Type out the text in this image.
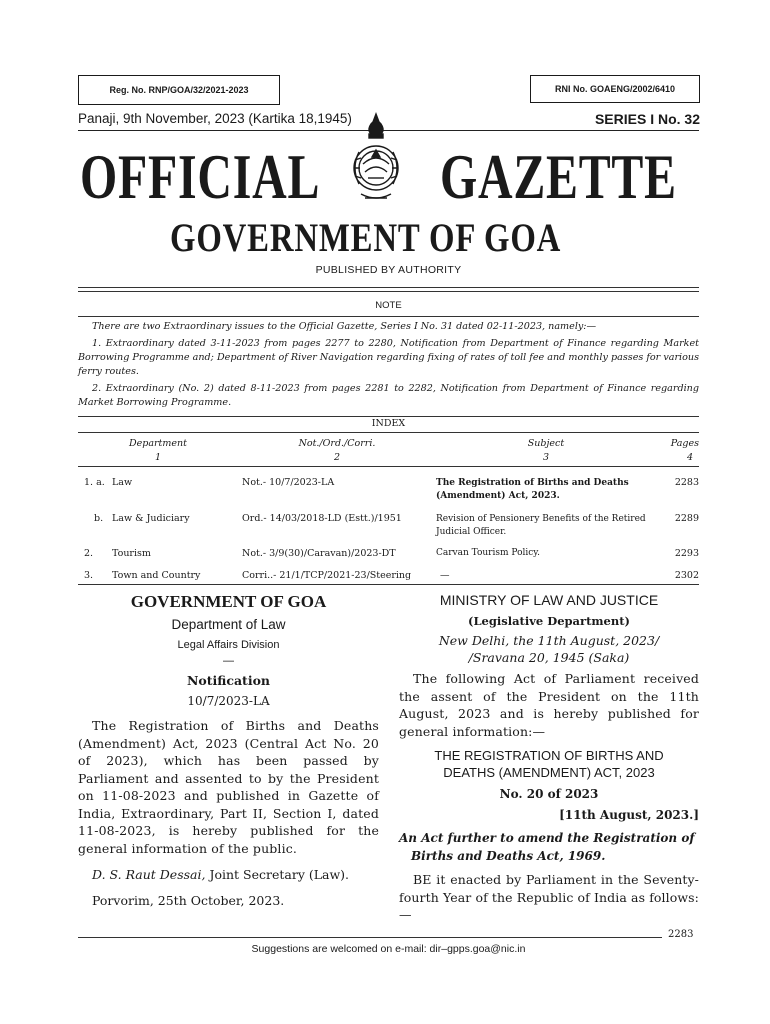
Reg. No. RNP/GOA/32/2021-2023	RNI No. GOAENG/2002/6410
Panaji, 9th November, 2023 (Kartika 18,1945)	SERIES I No. 32
OFFICIAL GAZETTE
GOVERNMENT OF GOA
PUBLISHED BY AUTHORITY
NOTE

There are two Extraordinary issues to the Official Gazette, Series I No. 31 dated 02-11-2023, namely:—

1. Extraordinary dated 3-11-2023 from pages 2277 to 2280, Notification from Department of Finance regarding Market Borrowing Programme and; Department of River Navigation regarding fixing of rates of toll fee and monthly passes for various ferry routes.

2. Extraordinary (No. 2) dated 8-11-2023 from pages 2281 to 2282, Notification from Department of Finance regarding Market Borrowing Programme.

INDEX
Department		Not./Ord./Corri.	Subject	Pages
1		2	3	4
1. a.	Law	Not.- 10/7/2023-LA	The Registration of Births and Deaths (Amendment) Act, 2023.	2283
b.	Law & Judiciary	Ord.- 14/03/2018-LD (Estt.)/1951	Revision of Pensionery Benefits of the Retired Judicial Officer.	2289
2.	Tourism	Not.- 3/9(30)/Caravan)/2023-DT	Carvan Tourism Policy.	2293
3.	Town and Country	Corri..- 21/1/TCP/2021-23/Steering	—	2302
GOVERNMENT OF GOA
Department of Law
Legal Affairs Division
—
Notification
10/7/2023-LA
The Registration of Births and Deaths (Amendment) Act, 2023 (Central Act No. 20 of 2023), which has been passed by Parliament and assented to by the President on 11-08-2023 and published in Gazette of India, Extraordinary, Part II, Section I, dated 11-08-2023, is hereby published for the general information of the public.
D. S. Raut Dessai, Joint Secretary (Law).
Porvorim, 25th October, 2023.
MINISTRY OF LAW AND JUSTICE
(Legislative Department)
New Delhi, the 11th August, 2023/
/Sravana 20, 1945 (Saka)
The following Act of Parliament received the assent of the President on the 11th August, 2023 and is hereby published for general information:—
THE REGISTRATION OF BIRTHS AND DEATHS (AMENDMENT) ACT, 2023
No. 20 of 2023
[11th August, 2023.]
An Act further to amend the Registration of Births and Deaths Act, 1969.
BE it enacted by Parliament in the Seventy-fourth Year of the Republic of India as follows:—
2283
Suggestions are welcomed on e-mail: dir–gpps.goa@nic.in
